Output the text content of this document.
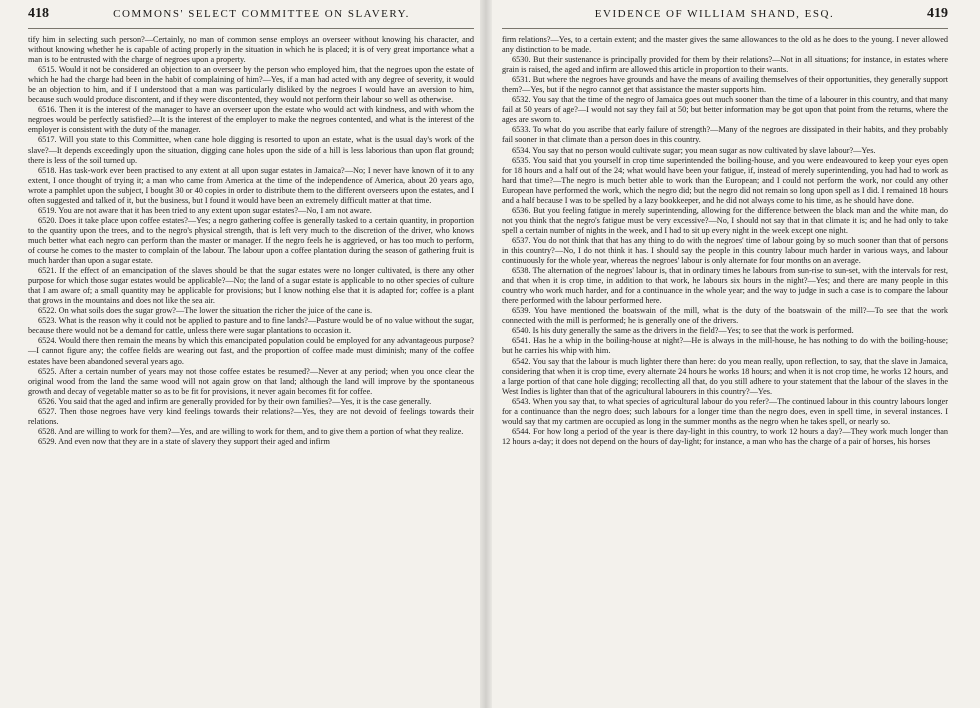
418	COMMONS' SELECT COMMITTEE ON SLAVERY.

tify him in selecting such person?—Certainly, no man of common sense employs an overseer without knowing his character, and without knowing whether he is capable of acting properly in the situation in which he is placed; it is of very great importance what a man is to be entrusted with the charge of negroes upon a property.

6515. Would it not be considered an objection to an overseer by the person who employed him, that the negroes upon the estate of which he had the charge had been in the habit of complaining of him?—Yes, if a man had acted with any degree of severity, it would be an objection to him, and if I understood that a man was particularly disliked by the negroes I would have an aversion to him, because such would produce discontent, and if they were discontented, they would not perform their labour so well as otherwise.

6516. Then it is the interest of the manager to have an overseer upon the estate who would act with kindness, and with whom the negroes would be perfectly satisfied?—It is the interest of the employer to make the negroes contented, and what is the interest of the employer is consistent with the duty of the manager.

6517. Will you state to this Committee, when cane hole digging is resorted to upon an estate, what is the usual day's work of the slave?—It depends exceedingly upon the situation, digging cane holes upon the side of a hill is less laborious than upon flat ground; there is less of the soil turned up.

6518. Has task-work ever been practised to any extent at all upon sugar estates in Jamaica?—No; I never have known of it to any extent, I once thought of trying it; a man who came from America at the time of the independence of America, about 20 years ago, wrote a pamphlet upon the subject, I bought 30 or 40 copies in order to distribute them to the different overseers upon the estates, and I often suggested and talked of it, but the business, but I found it would have been an extremely difficult matter at that time.

6519. You are not aware that it has been tried to any extent upon sugar estates?—No, I am not aware.

6520. Does it take place upon coffee estates?—Yes; a negro gathering coffee is generally tasked to a certain quantity, in proportion to the quantity upon the trees, and to the negro's physical strength, that is left very much to the discretion of the driver, who knows much better what each negro can perform than the master or manager. If the negro feels he is aggrieved, or has too much to perform, of course he comes to the master to complain of the labour. The labour upon a coffee plantation during the season of gathering fruit is much harder than upon a sugar estate.

6521. If the effect of an emancipation of the slaves should be that the sugar estates were no longer cultivated, is there any other purpose for which those sugar estates would be applicable?—No; the land of a sugar estate is applicable to no other species of culture that I am aware of; a small quantity may be applicable for provisions; but I know nothing else that it is adapted for; coffee is a plant that grows in the mountains and does not like the sea air.

6522. On what soils does the sugar grow?—The lower the situation the richer the juice of the cane is.

6523. What is the reason why it could not be applied to pasture and to fine lands?—Pasture would be of no value without the sugar, because there would not be a demand for cattle, unless there were sugar plantations to occasion it.

6524. Would there then remain the means by which this emancipated population could be employed for any advantageous purpose?—I cannot figure any; the coffee fields are wearing out fast, and the proportion of coffee made must diminish; many of the coffee estates have been abandoned several years ago.

6525. After a certain number of years may not those coffee estates be resumed?—Never at any period; when you once clear the original wood from the land the same wood will not again grow on that land; although the land will improve by the spontaneous growth and decay of vegetable matter so as to be fit for provisions, it never again becomes fit for coffee.

6526. You said that the aged and infirm are generally provided for by their own families?—Yes, it is the case generally.

6527. Then those negroes have very kind feelings towards their relations?—Yes, they are not devoid of feelings towards their relations.

6528. And are willing to work for them?—Yes, and are willing to work for them, and to give them a portion of what they realize.

6529. And even now that they are in a state of slavery they support their aged and infirm

EVIDENCE OF WILLIAM SHAND, ESQ.	419

firm relations?—Yes, to a certain extent; and the master gives the same allowances to the old as he does to the young. I never allowed any distinction to be made.

6530. But their sustenance is principally provided for them by their relations?—Not in all situations; for instance, in estates where grain is raised, the aged and infirm are allowed this article in proportion to their wants.

6531. But where the negroes have grounds and have the means of availing themselves of their opportunities, they generally support them?—Yes, but if the negro cannot get that assistance the master supports him.

6532. You say that the time of the negro of Jamaica goes out much sooner than the time of a labourer in this country, and that many fail at 50 years of age?—I would not say they fail at 50; but better information may be got upon that point from the returns, where the ages are sworn to.

6533. To what do you ascribe that early failure of strength?—Many of the negroes are dissipated in their habits, and they probably fail sooner in that climate than a person does in this country.

6534. You say that no person would cultivate sugar; you mean sugar as now cultivated by slave labour?—Yes.

6535. You said that you yourself in crop time superintended the boiling-house, and you were endeavoured to keep your eyes open for 18 hours and a half out of the 24; what would have been your fatigue, if, instead of merely superintending, you had had to work as hard that time?—The negro is much better able to work than the European; and I could not perform the work, nor could any other European have performed the work, which the negro did; but the negro did not remain so long upon spell as I did. I remained 18 hours and a half because I was to be spelled by a lazy bookkeeper, and he did not always come to his time, as he should have done.

6536. But you feeling fatigue in merely superintending, allowing for the difference between the black man and the white man, do not you think that the negro's fatigue must be very excessive?—No, I should not say that in that climate it is; and he had only to take spell a certain number of nights in the week, and I had to sit up every night in the week except one night.

6537. You do not think that that has any thing to do with the negroes' time of labour going by so much sooner than that of persons in this country?—No, I do not think it has. I should say the people in this country labour much harder in various ways, and labour continuously for the whole year, whereas the negroes' labour is only alternate for four months on an average.

6538. The alternation of the negroes' labour is, that in ordinary times he labours from sun-rise to sun-set, with the intervals for rest, and that when it is crop time, in addition to that work, he labours six hours in the night?—Yes; and there are many people in this country who work much harder, and for a continuance in the whole year; and the way to judge in such a case is to compare the labour there performed with the labour performed here.

6539. You have mentioned the boatswain of the mill, what is the duty of the boatswain of the mill?—To see that the work connected with the mill is performed; he is generally one of the drivers.

6540. Is his duty generally the same as the drivers in the field?—Yes; to see that the work is performed.

6541. Has he a whip in the boiling-house at night?—He is always in the mill-house, he has nothing to do with the boiling-house; but he carries his whip with him.

6542. You say that the labour is much lighter there than here: do you mean really, upon reflection, to say, that the slave in Jamaica, considering that when it is crop time, every alternate 24 hours he works 18 hours; and when it is not crop time, he works 12 hours, and a large portion of that cane hole digging; recollecting all that, do you still adhere to your statement that the labour of the slaves in the West Indies is lighter than that of the agricultural labourers in this country?—Yes.

6543. When you say that, to what species of agricultural labour do you refer?—The continued labour in this country labours longer for a continuance than the negro does; such labours for a longer time than the negro does, even in spell time, in several instances. I would say that my cartmen are occupied as long in the summer months as the negro when he takes spell, or nearly so.

6544. For how long a period of the year is there day-light in this country, to work 12 hours a day?—They work much longer than 12 hours a-day; it does not depend on the hours of day-light; for instance, a man who has the charge of a pair of horses, his horses
